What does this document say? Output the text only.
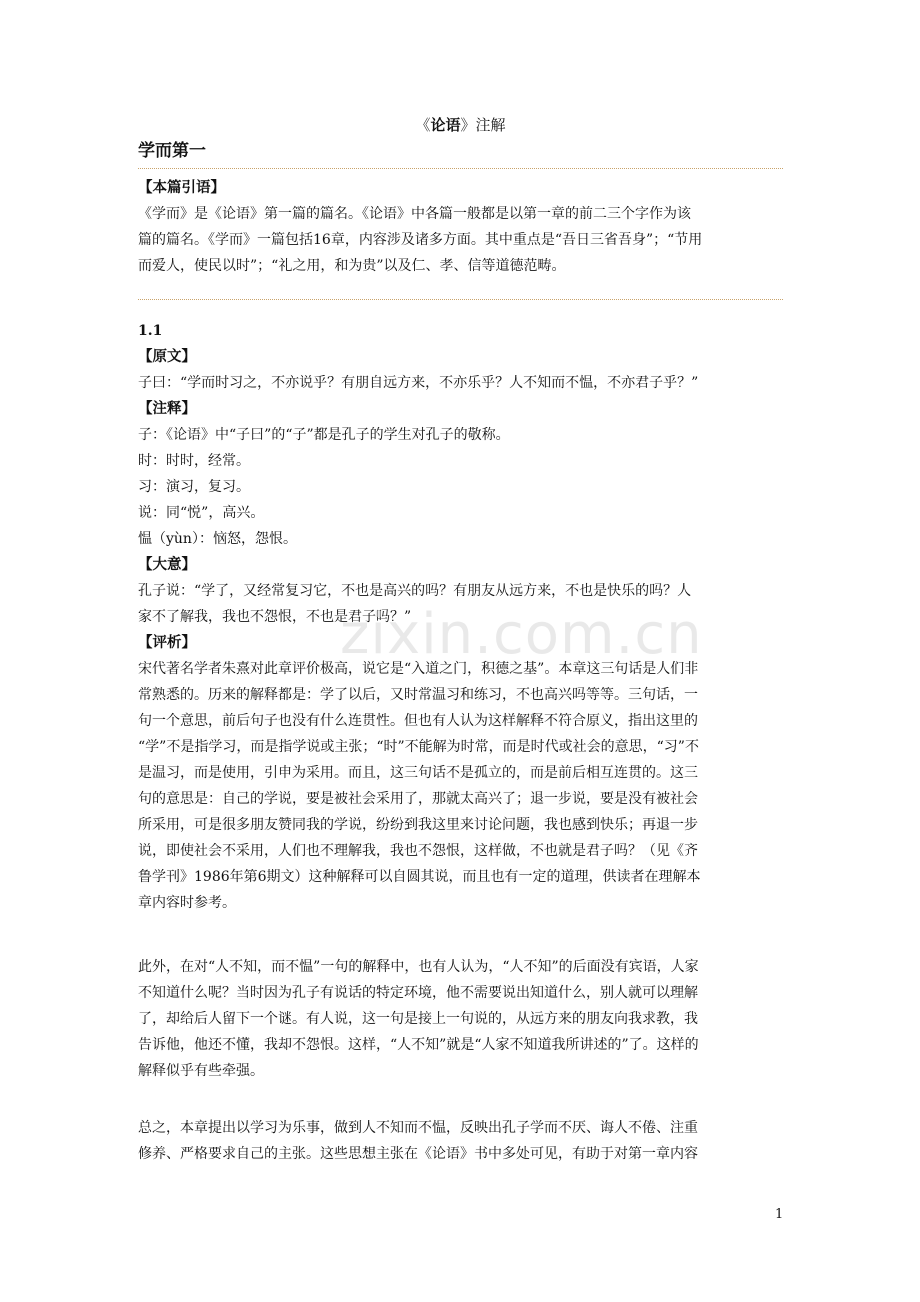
《论语》注解
学而第一
【本篇引语】
《学而》是《论语》第一篇的篇名。《论语》中各篇一般都是以第一章的前二三个字作为该
篇的篇名。《学而》一篇包括16章，内容涉及诸多方面。其中重点是“吾日三省吾身”；“节用
而爱人，使民以时”；“礼之用，和为贵”以及仁、孝、信等道德范畴。
1.1
【原文】
子曰：“学而时习之，不亦说乎？有朋自远方来，不亦乐乎？人不知而不愠，不亦君子乎？”
【注释】
子：《论语》中“子曰”的“子”都是孔子的学生对孔子的敬称。
时：时时，经常。
习：演习，复习。
说：同“悦”，高兴。
愠（yùn）：恼怒，怨恨。
【大意】
孔子说：“学了，又经常复习它，不也是高兴的吗？有朋友从远方来，不也是快乐的吗？人
家不了解我，我也不怨恨，不也是君子吗？”
【评析】
宋代著名学者朱熹对此章评价极高，说它是“入道之门，积德之基”。本章这三句话是人们非
常熟悉的。历来的解释都是：学了以后，又时常温习和练习，不也高兴吗等等。三句话，一
句一个意思，前后句子也没有什么连贯性。但也有人认为这样解释不符合原义，指出这里的
“学”不是指学习，而是指学说或主张；“时”不能解为时常，而是时代或社会的意思，“习”不
是温习，而是使用，引申为采用。而且，这三句话不是孤立的，而是前后相互连贯的。这三
句的意思是：自己的学说，要是被社会采用了，那就太高兴了；退一步说，要是没有被社会
所采用，可是很多朋友赞同我的学说，纷纷到我这里来讨论问题，我也感到快乐；再退一步
说，即使社会不采用，人们也不理解我，我也不怨恨，这样做，不也就是君子吗？（见《齐
鲁学刊》1986年第6期文）这种解释可以自圆其说，而且也有一定的道理，供读者在理解本
章内容时参考。
此外，在对“人不知，而不愠”一句的解释中，也有人认为，“人不知”的后面没有宾语，人家
不知道什么呢？当时因为孔子有说话的特定环境，他不需要说出知道什么，别人就可以理解
了，却给后人留下一个谜。有人说，这一句是接上一句说的，从远方来的朋友向我求教，我
告诉他，他还不懂，我却不怨恨。这样，“人不知”就是“人家不知道我所讲述的”了。这样的
解释似乎有些牵强。
总之，本章提出以学习为乐事，做到人不知而不愠，反映出孔子学而不厌、诲人不倦、注重
修养、严格要求自己的主张。这些思想主张在《论语》书中多处可见，有助于对第一章内容
zixin.com.cn
1
